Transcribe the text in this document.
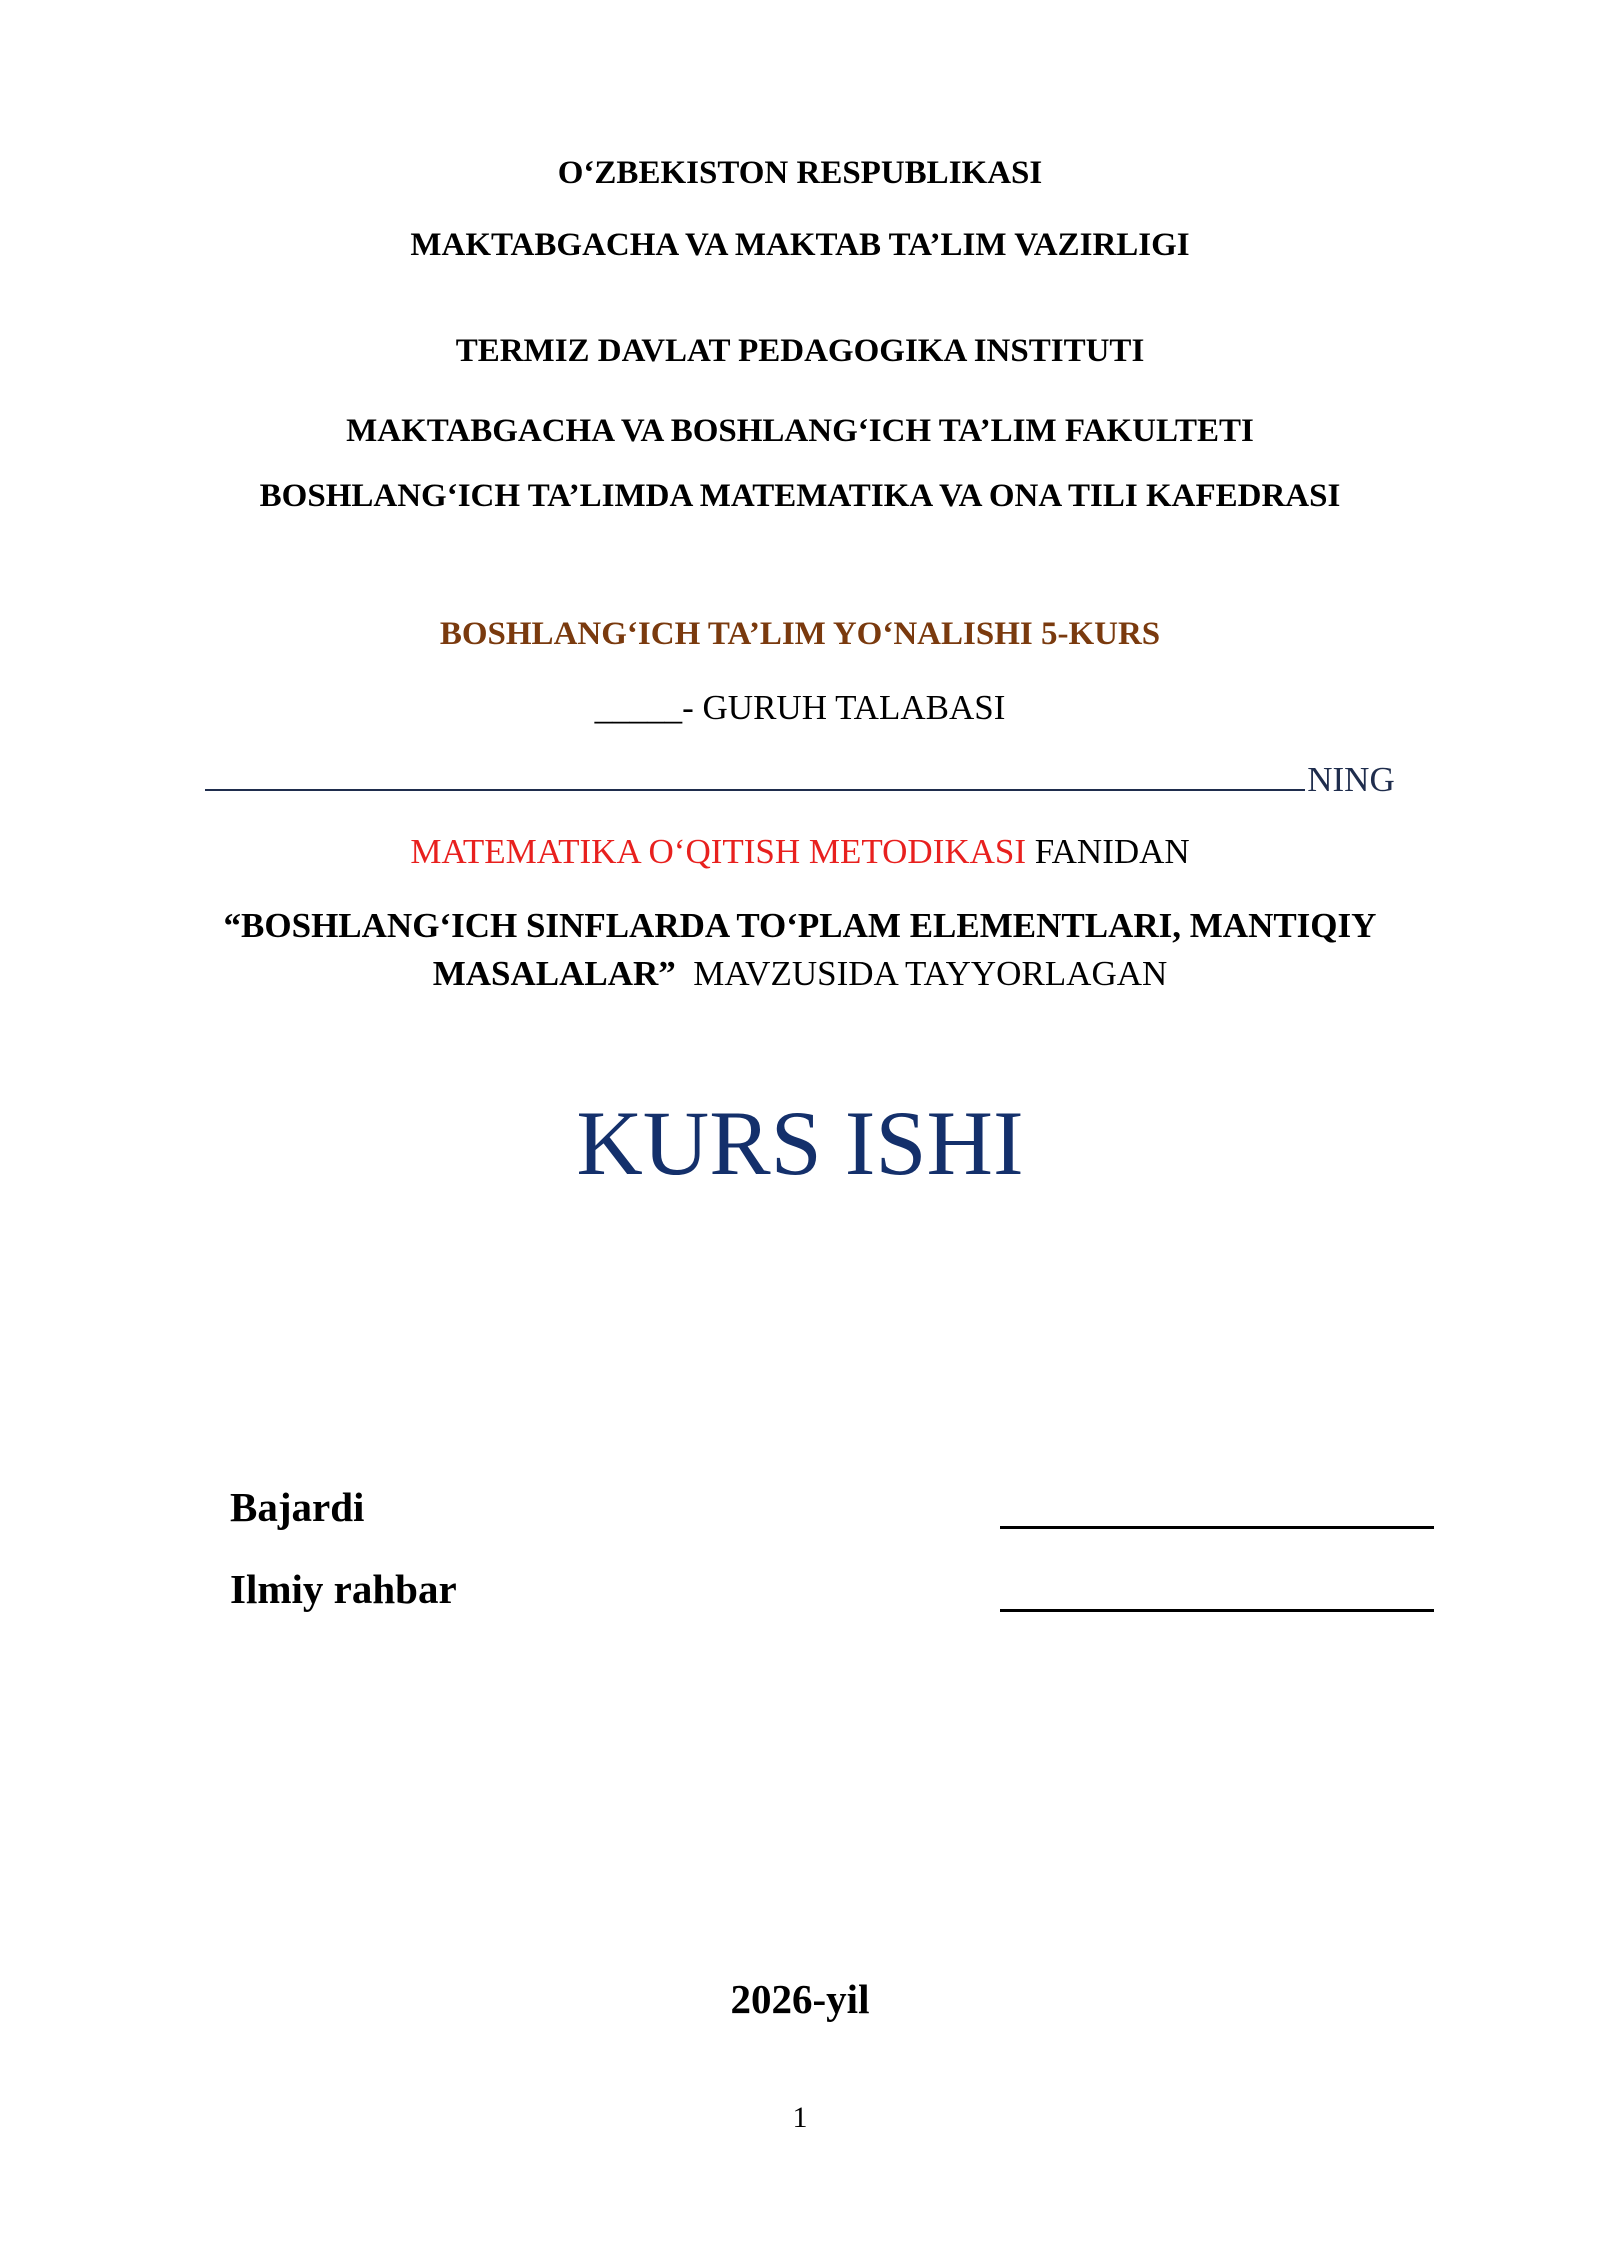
O‘ZBEKISTON RESPUBLIKASI
MAKTABGACHA VA MAKTAB TA’LIM VAZIRLIGI
TERMIZ DAVLAT PEDAGOGIKA INSTITUTI
MAKTABGACHA VA BOSHLANG‘ICH TA’LIM FAKULTETI
BOSHLANG‘ICH TA’LIMDA MATEMATIKA VA ONA TILI KAFEDRASI
BOSHLANG‘ICH TA’LIM YO‘NALISHI 5-KURS
_____- GURUH TALABASI
NING
MATEMATIKA O‘QITISH METODIKASI FANIDAN
“BOSHLANG‘ICH SINFLARDA TO‘PLAM ELEMENTLARI, MANTIQIY
MASALALAR”  MAVZUSIDA TAYYORLAGAN
KURS ISHI
Bajardi
Ilmiy rahbar
2026-yil
1
